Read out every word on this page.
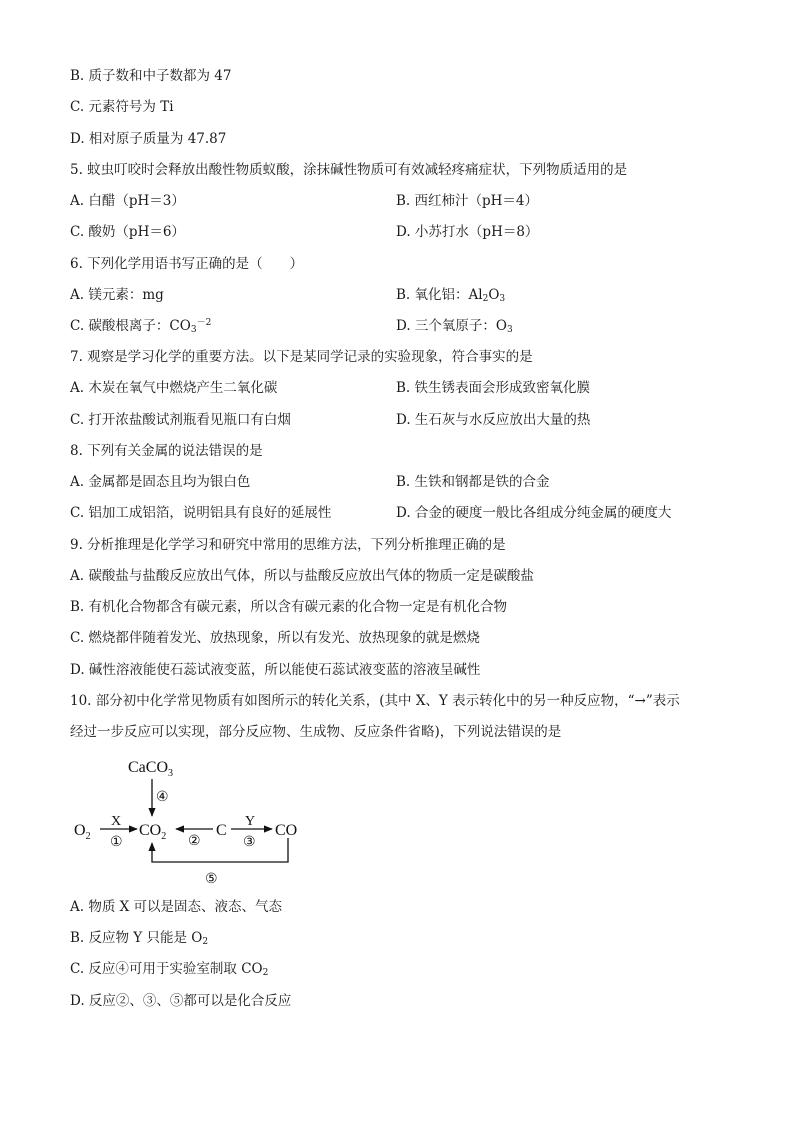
B. 质子数和中子数都为 47
C. 元素符号为 Ti
D. 相对原子质量为 47.87
5. 蚊虫叮咬时会释放出酸性物质蚁酸，涂抹碱性物质可有效减轻疼痛症状，下列物质适用的是
A. 白醋（pH＝3）	B. 西红柿汁（pH＝4）
C. 酸奶（pH＝6）	D. 小苏打水（pH＝8）
6. 下列化学用语书写正确的是（　　）
A. 镁元素：mg	B. 氧化铝：$Al_2O_3$
C. 碳酸根离子：$CO_3^{-2}$	D. 三个氧原子：$O_3$
7. 观察是学习化学的重要方法。以下是某同学记录的实验现象，符合事实的是
A. 木炭在氧气中燃烧产生二氧化碳	B. 铁生锈表面会形成致密氧化膜
C. 打开浓盐酸试剂瓶看见瓶口有白烟	D. 生石灰与水反应放出大量的热
8. 下列有关金属的说法错误的是
A. 金属都是固态且均为银白色	B. 生铁和钢都是铁的合金
C. 铝加工成铝箔，说明铝具有良好的延展性	D. 合金的硬度一般比各组成分纯金属的硬度大
9. 分析推理是化学学习和研究中常用的思维方法，下列分析推理正确的是
A. 碳酸盐与盐酸反应放出气体，所以与盐酸反应放出气体的物质一定是碳酸盐
B. 有机化合物都含有碳元素，所以含有碳元素的化合物一定是有机化合物
C. 燃烧都伴随着发光、放热现象，所以有发光、放热现象的就是燃烧
D. 碱性溶液能使石蕊试液变蓝，所以能使石蕊试液变蓝的溶液呈碱性
10. 部分初中化学常见物质有如图所示的转化关系，(其中 X、Y 表示转化中的另一种反应物，“→”表示
经过一步反应可以实现，部分反应物、生成物、反应条件省略)，下列说法错误的是
CaCO$_3$
④
$O_2$
X
①
$CO_2$ ②
C
Y
③
CO
⑤
A. 物质 X 可以是固态、液态、气态
B. 反应物 Y 只能是 $O_2$
C. 反应④可用于实验室制取 $CO_2$
D. 反应②、③、⑤都可以是化合反应
